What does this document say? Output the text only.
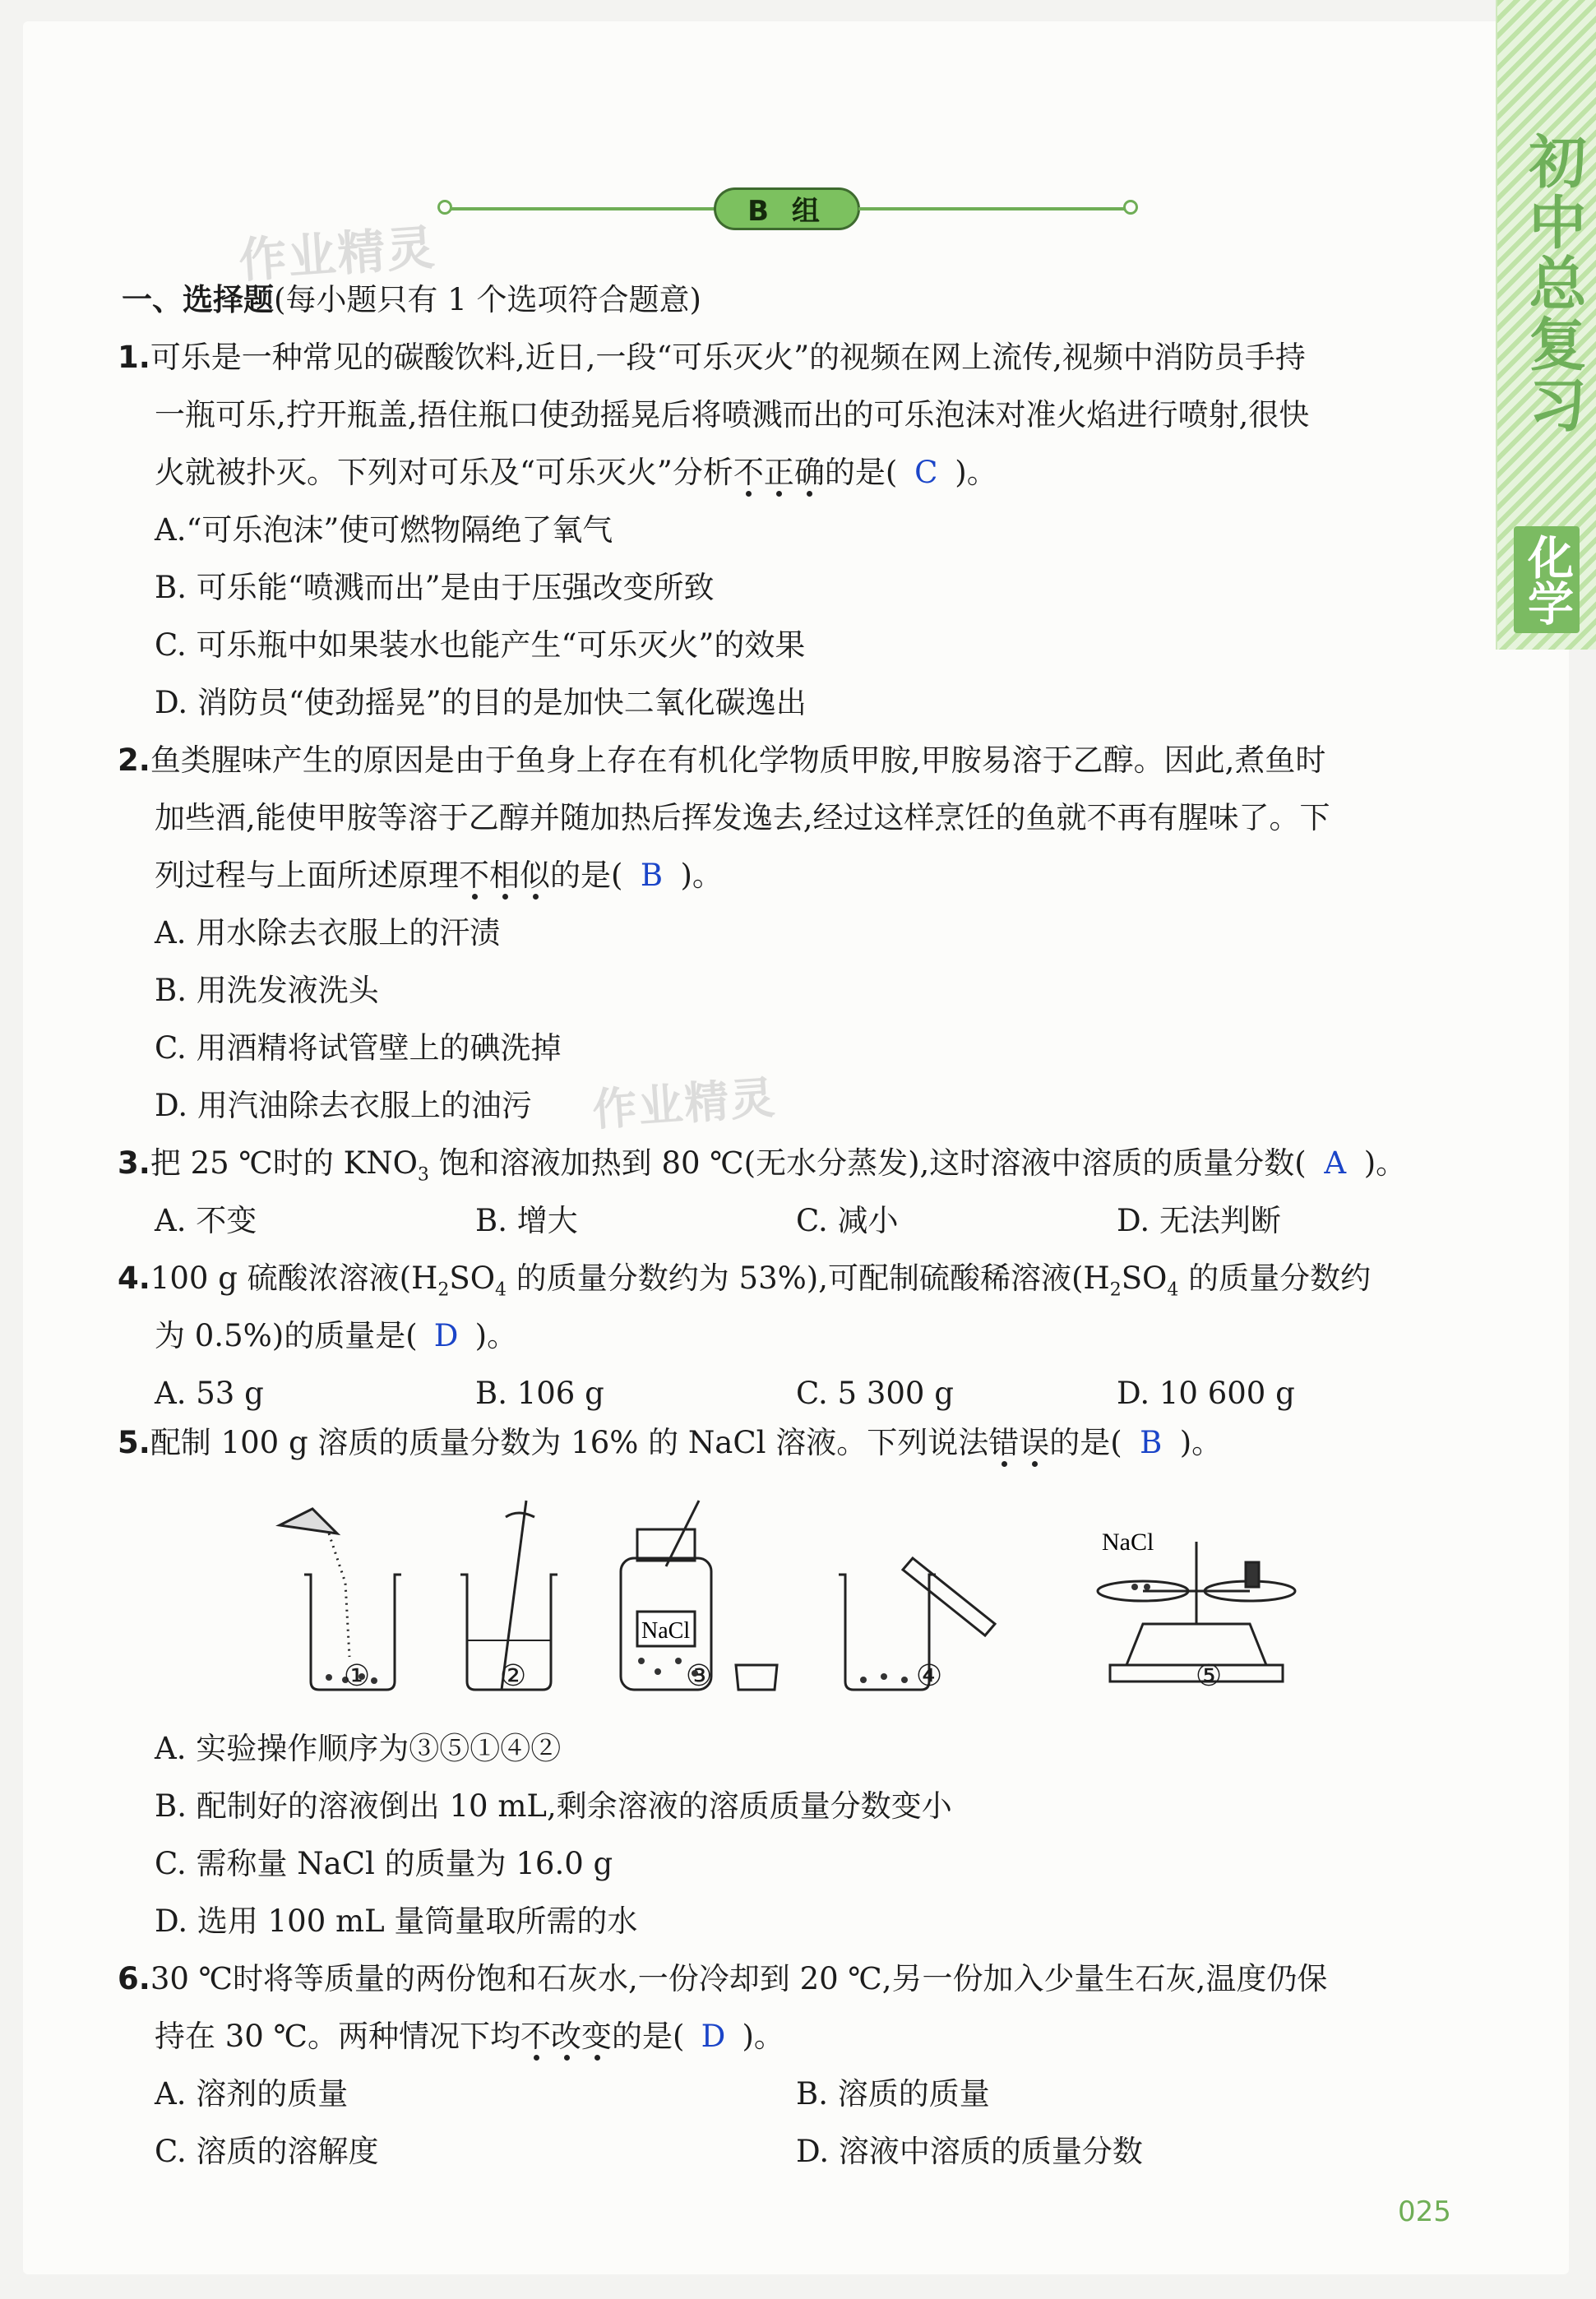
初中总复习
化学
B 组
作业精灵
作业精灵
一、选择题(每小题只有 1 个选项符合题意)
1.可乐是一种常见的碳酸饮料,近日,一段“可乐灭火”的视频在网上流传,视频中消防员手持
一瓶可乐,拧开瓶盖,捂住瓶口使劲摇晃后将喷溅而出的可乐泡沫对准火焰进行喷射,很快
火就被扑灭。下列对可乐及“可乐灭火”分析不正确的是( C )。
A.“可乐泡沫”使可燃物隔绝了氧气
B. 可乐能“喷溅而出”是由于压强改变所致
C. 可乐瓶中如果装水也能产生“可乐灭火”的效果
D. 消防员“使劲摇晃”的目的是加快二氧化碳逸出
2.鱼类腥味产生的原因是由于鱼身上存在有机化学物质甲胺,甲胺易溶于乙醇。因此,煮鱼时
加些酒,能使甲胺等溶于乙醇并随加热后挥发逸去,经过这样烹饪的鱼就不再有腥味了。下
列过程与上面所述原理不相似的是( B )。
A. 用水除去衣服上的汗渍
B. 用洗发液洗头
C. 用酒精将试管壁上的碘洗掉
D. 用汽油除去衣服上的油污
3.把 25 ℃时的 $KNO_3$ 饱和溶液加热到 80 ℃(无水分蒸发),这时溶液中溶质的质量分数( A )。
A. 不变	B. 增大	C. 减小	D. 无法判断
4.100 g 硫酸浓溶液($H_2SO_4$ 的质量分数约为 53%),可配制硫酸稀溶液($H_2SO_4$ 的质量分数约
为 0.5%)的质量是( D )。
A. 53 g	B. 106 g	C. 5 300 g	D. 10 600 g
5.配制 100 g 溶质的质量分数为 16% 的 NaCl 溶液。下列说法错误的是( B )。
NaCl
NaCl
①	②	③	④	⑤
A. 实验操作顺序为③⑤①④②
B. 配制好的溶液倒出 10 mL,剩余溶液的溶质质量分数变小
C. 需称量 NaCl 的质量为 16.0 g
D. 选用 100 mL 量筒量取所需的水
6.30 ℃时将等质量的两份饱和石灰水,一份冷却到 20 ℃,另一份加入少量生石灰,温度仍保
持在 30 ℃。两种情况下均不改变的是( D )。
A. 溶剂的质量	B. 溶质的质量
C. 溶质的溶解度	D. 溶液中溶质的质量分数
025
